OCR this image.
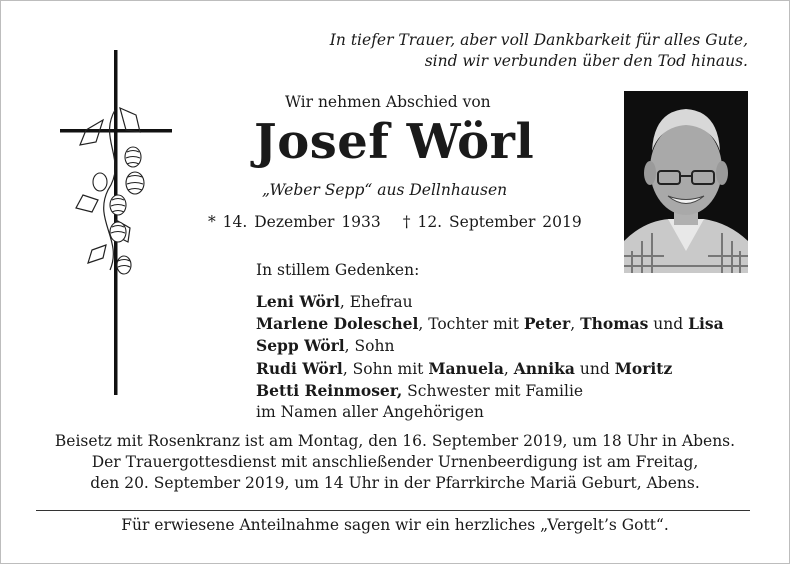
In tiefer Trauer, aber voll Dankbarkeit für alles Gute,
sind wir verbunden über den Tod hinaus.
Wir nehmen Abschied von
Josef Wörl
„Weber Sepp“ aus Dellnhausen
* 14. Dezember 1933 † 12. September 2019
In stillem Gedenken:
Leni Wörl, Ehefrau
Marlene Doleschel, Tochter mit Peter, Thomas und Lisa
Sepp Wörl, Sohn
Rudi Wörl, Sohn mit Manuela, Annika und Moritz
Betti Reinmoser, Schwester mit Familie
im Namen aller Angehörigen
Beisetz mit Rosenkranz ist am Montag, den 16. September 2019, um 18 Uhr in Abens.
Der Trauergottesdienst mit anschließender Urnenbeerdigung ist am Freitag,
den 20. September 2019, um 14 Uhr in der Pfarrkirche Mariä Geburt, Abens.
Für erwiesene Anteilnahme sagen wir ein herzliches „Vergelt’s Gott“.
